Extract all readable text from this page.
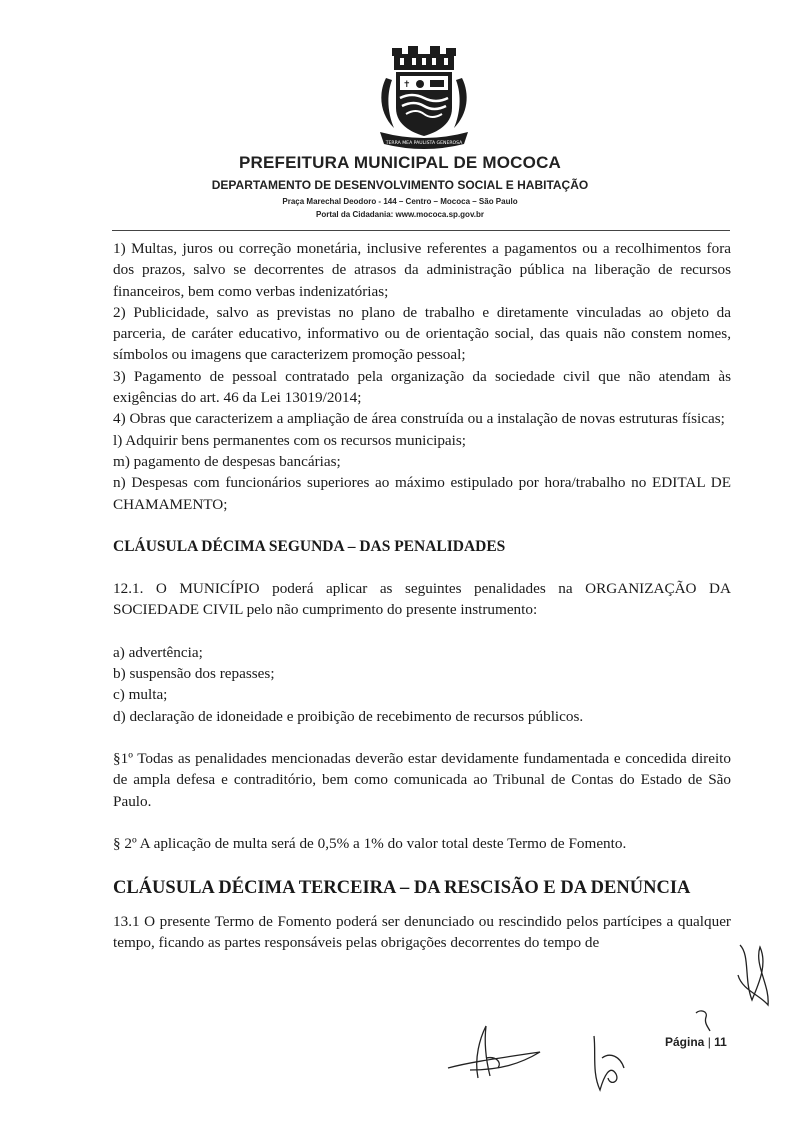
✝
TERRA MEA PAULISTA GENEROSA
PREFEITURA MUNICIPAL DE MOCOCA
DEPARTAMENTO DE DESENVOLVIMENTO SOCIAL E HABITAÇÃO
Praça Marechal Deodoro - 144 – Centro – Mococa – São Paulo
Portal da Cidadania: www.mococa.sp.gov.br

1) Multas, juros ou correção monetária, inclusive referentes a pagamentos ou a recolhimentos fora dos prazos, salvo se decorrentes de atrasos da administração pública na liberação de recursos financeiros, bem como verbas indenizatórias;

2) Publicidade, salvo as previstas no plano de trabalho e diretamente vinculadas ao objeto da parceria, de caráter educativo, informativo ou de orientação social, das quais não constem nomes, símbolos ou imagens que caracterizem promoção pessoal;

3) Pagamento de pessoal contratado pela organização da sociedade civil que não atendam às exigências do art. 46 da Lei 13019/2014;

4) Obras que caracterizem a ampliação de área construída ou a instalação de novas estruturas físicas;

l) Adquirir bens permanentes com os recursos municipais;

m) pagamento de despesas bancárias;

n) Despesas com funcionários superiores ao máximo estipulado por hora/trabalho no EDITAL DE CHAMAMENTO;

CLÁUSULA DÉCIMA SEGUNDA – DAS PENALIDADES

12.1. O MUNICÍPIO poderá aplicar as seguintes penalidades na ORGANIZAÇÃO DA SOCIEDADE CIVIL pelo não cumprimento do presente instrumento:

a) advertência;

b) suspensão dos repasses;

c) multa;

d) declaração de idoneidade e proibição de recebimento de recursos públicos.

§1º Todas as penalidades mencionadas deverão estar devidamente fundamentada e concedida direito de ampla defesa e contraditório, bem como comunicada ao Tribunal de Contas do Estado de São Paulo.

§ 2º A aplicação de multa será de 0,5% a 1% do valor total deste Termo de Fomento.

CLÁUSULA DÉCIMA TERCEIRA – DA RESCISÃO E DA DENÚNCIA

13.1 O presente Termo de Fomento poderá ser denunciado ou rescindido pelos partícipes a qualquer tempo, ficando as partes responsáveis pelas obrigações decorrentes do tempo de

Página | 11
